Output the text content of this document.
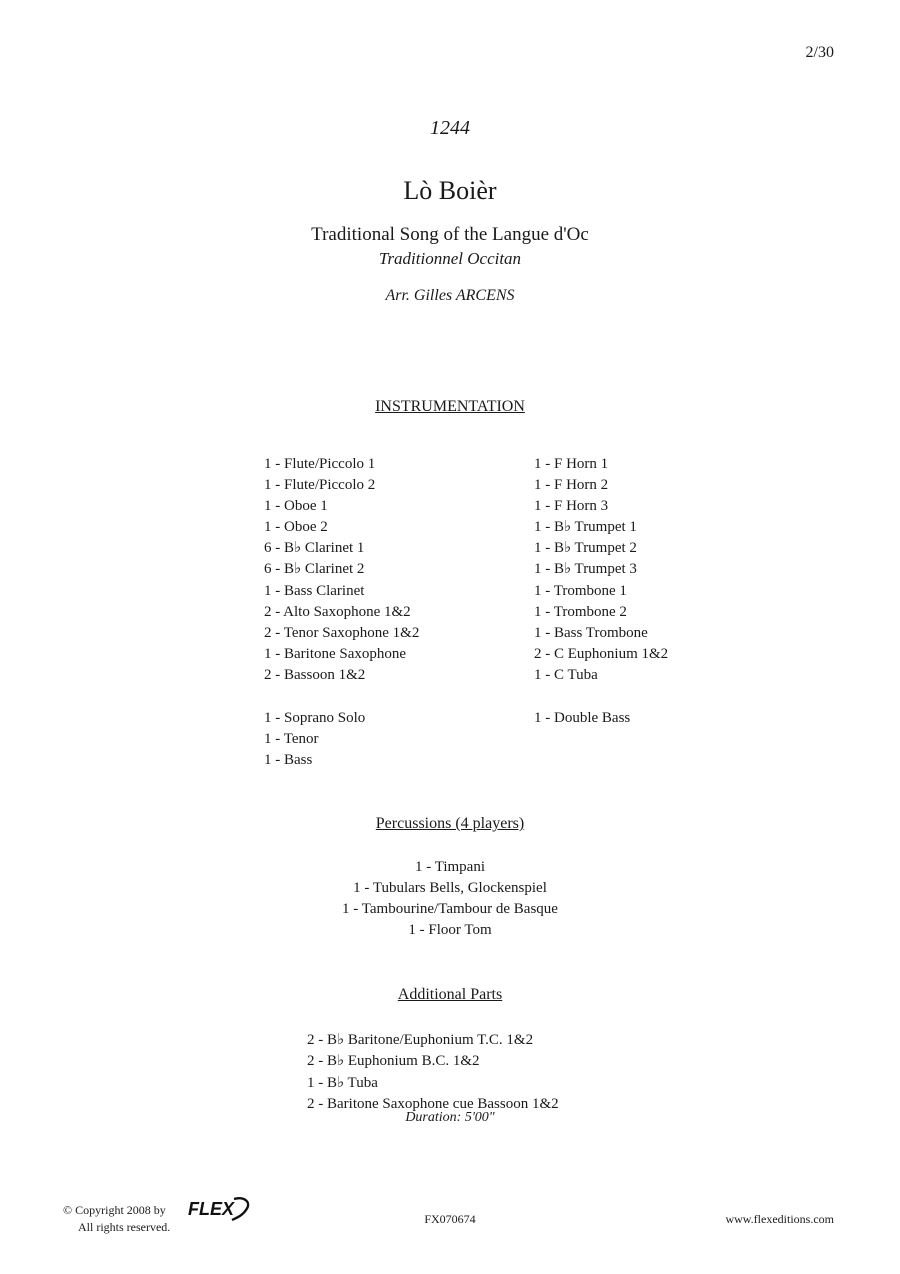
2/30
1244
Lò Boièr
Traditional Song of the Langue d'Oc
Traditionnel Occitan
Arr. Gilles ARCENS
INSTRUMENTATION
1 - Flute/Piccolo 1
1 - Flute/Piccolo 2
1 - Oboe 1
1 - Oboe 2
6 - B♭ Clarinet 1
6 - B♭ Clarinet 2
1 - Bass Clarinet
2 - Alto Saxophone 1&2
2 - Tenor Saxophone 1&2
1 - Baritone Saxophone
2 - Bassoon 1&2
1 - F Horn 1
1 - F Horn 2
1 - F Horn 3
1 - B♭ Trumpet 1
1 - B♭ Trumpet 2
1 - B♭ Trumpet 3
1 - Trombone 1
1 - Trombone 2
1 - Bass Trombone
2 - C Euphonium 1&2
1 - C Tuba
1 - Soprano Solo
1 - Tenor
1 - Bass
1 - Double Bass
Percussions (4 players)
1 - Timpani
1 - Tubulars Bells, Glockenspiel
1 - Tambourine/Tambour de Basque
1 - Floor Tom
Additional Parts
2 - B♭ Baritone/Euphonium T.C. 1&2
2 - B♭ Euphonium B.C. 1&2
1 - B♭ Tuba
2 - Baritone Saxophone cue Bassoon 1&2
Duration: 5'00"
© Copyright 2008 by
All rights reserved.
FLEX	FX070674	www.flexeditions.com
